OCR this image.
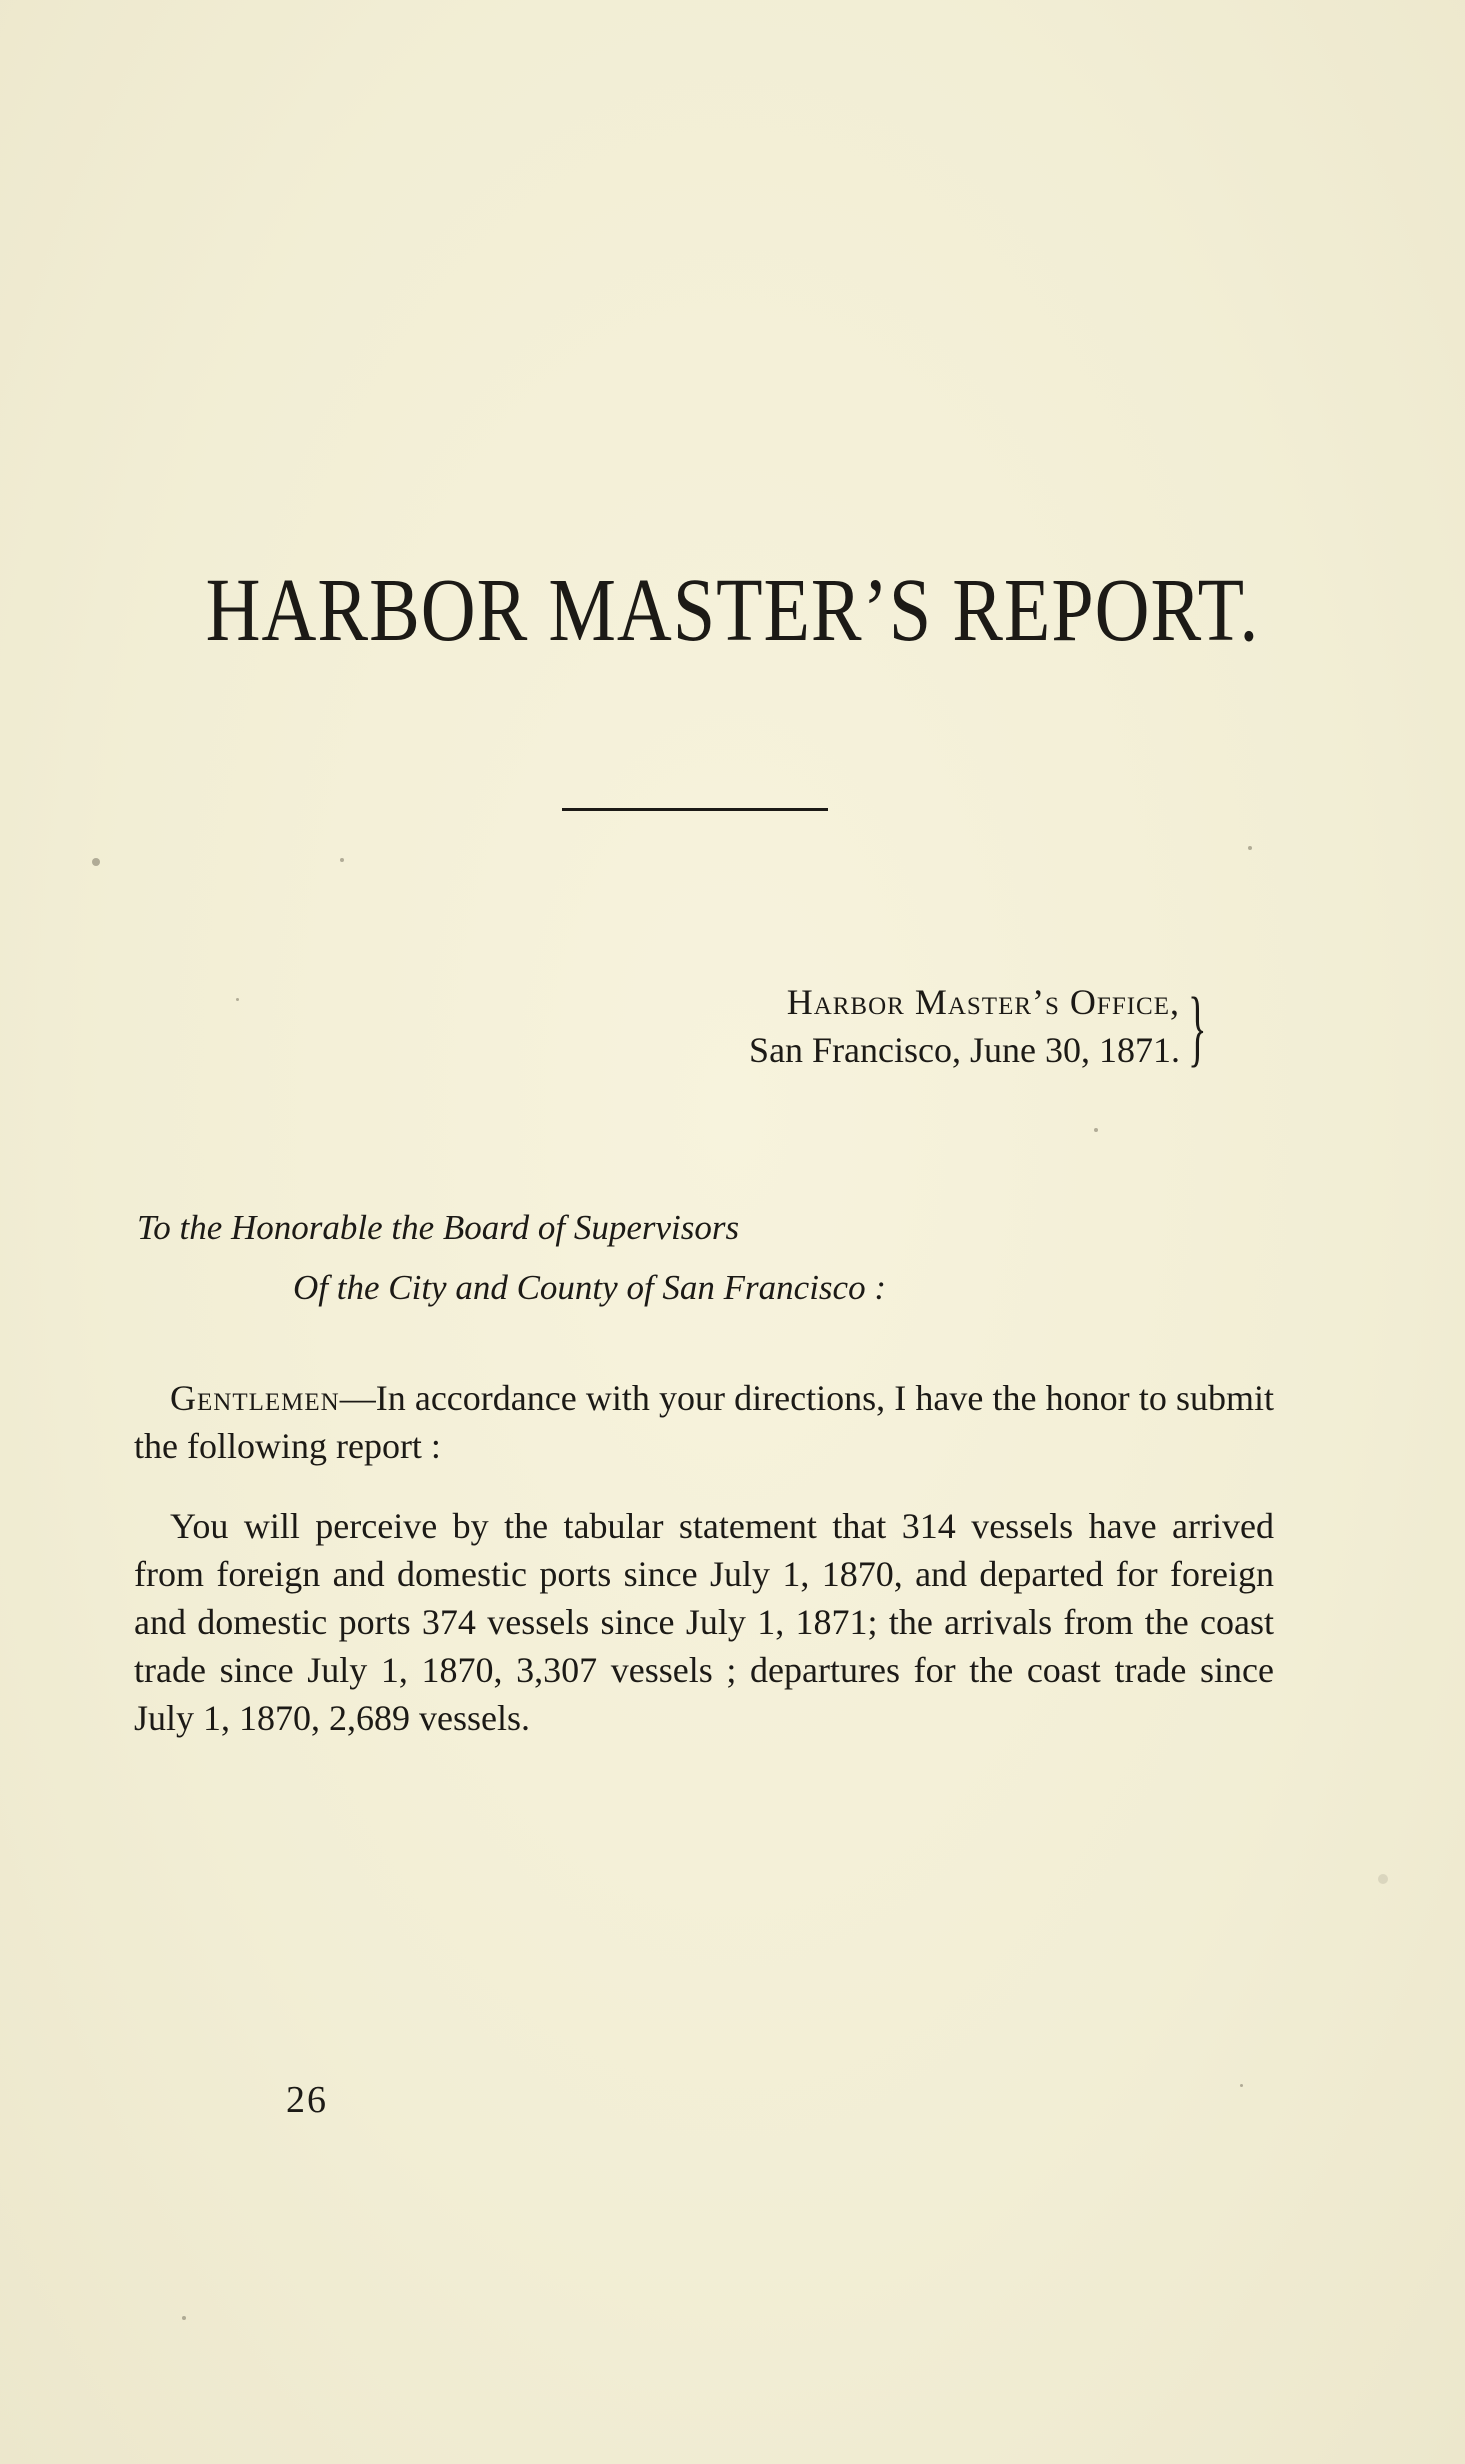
HARBOR MASTER’S REPORT.
Harbor Master’s Office,
San Francisco, June 30, 1871. }
To the Honorable the Board of Supervisors
Of the City and County of San Francisco :
Gentlemen—In accordance with your directions, I have the honor to submit the following report :
You will perceive by the tabular statement that 314 vessels have arrived from foreign and domestic ports since July 1, 1870, and departed for foreign and domestic ports 374 vessels since July 1, 1871; the arrivals from the coast trade since July 1, 1870, 3,307 vessels ; departures for the coast trade since July 1, 1870, 2,689 vessels.
26
